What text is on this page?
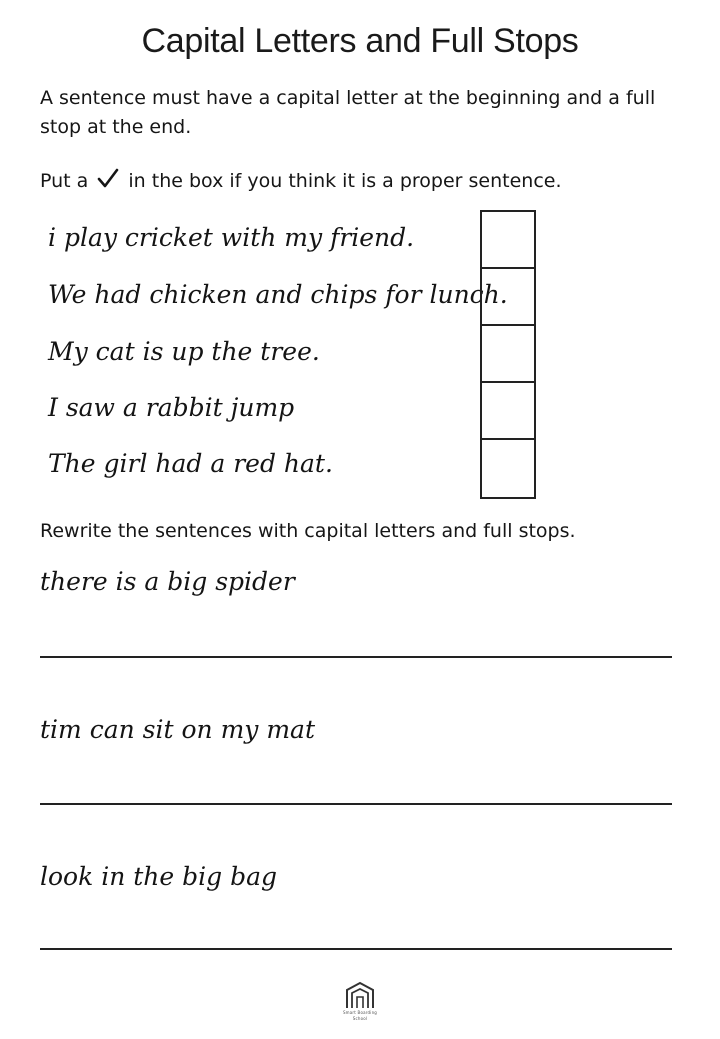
Capital Letters and Full Stops
A sentence must have a capital letter at the beginning and a full stop at the end.
Put a in the box if you think it is a proper sentence.
i play cricket with my friend.
We had chicken and chips for lunch.
My cat is up the tree.
I saw a rabbit jump
The girl had a red hat.
Rewrite the sentences with capital letters and full stops.
there is a big spider
tim can sit on my mat
look in the big bag
Smart Boarding
School
